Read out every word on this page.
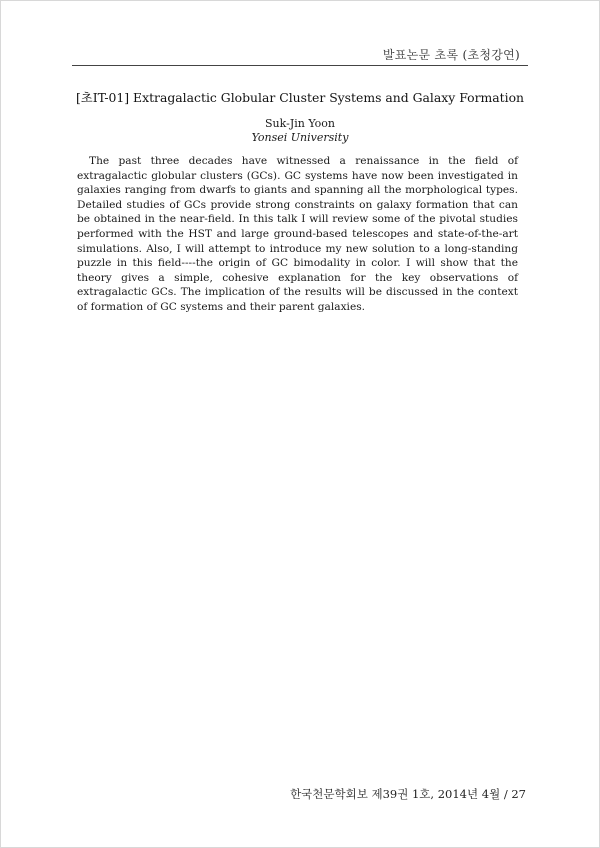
발표논문 초록 (초청강연)
[초IT-01] Extragalactic Globular Cluster Systems and Galaxy Formation
Suk-Jin Yoon
Yonsei University

The past three decades have witnessed a renaissance in the field of extragalactic globular clusters (GCs). GC systems have now been investigated in galaxies ranging from dwarfs to giants and spanning all the morphological types. Detailed studies of GCs provide strong constraints on galaxy formation that can be obtained in the near-field. In this talk I will review some of the pivotal studies performed with the HST and large ground-based telescopes and state-of-the-art simulations. Also, I will attempt to introduce my new solution to a long-standing puzzle in this field----the origin of GC bimodality in color. I will show that the theory gives a simple, cohesive explanation for the key observations of extragalactic GCs. The implication of the results will be discussed in the context of formation of GC systems and their parent galaxies.

한국천문학회보 제39권 1호, 2014년 4월 / 27
